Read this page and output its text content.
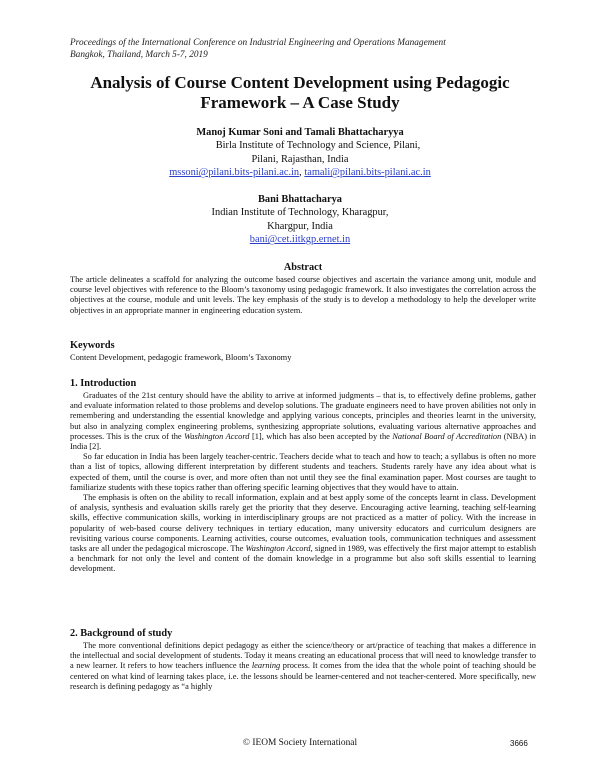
Proceedings of the International Conference on Industrial Engineering and Operations Management
Bangkok, Thailand, March 5-7, 2019
Analysis of Course Content Development using Pedagogic
Framework – A Case Study
Manoj Kumar Soni and Tamali Bhattacharyya
Birla Institute of Technology and Science, Pilani,
Pilani, Rajasthan, India
mssoni@pilani.bits-pilani.ac.in, tamali@pilani.bits-pilani.ac.in
Bani Bhattacharya
Indian Institute of Technology, Kharagpur,
Khargpur, India
bani@cet.iitkgp.ernet.in
Abstract

The article delineates a scaffold for analyzing the outcome based course objectives and ascertain the variance among unit, module and course level objectives with reference to the Bloom’s taxonomy using pedagogic framework. It also investigates the correlation across the objectives at the course, module and unit levels. The key emphasis of the study is to develop a methodology to help the developer write objectives in an appropriate manner in engineering education system.

Keywords

Content Development, pedagogic framework, Bloom’s Taxonomy

1. Introduction

Graduates of the 21st century should have the ability to arrive at informed judgments – that is, to effectively define problems, gather and evaluate information related to those problems and develop solutions. The graduate engineers need to have proven abilities not only in remembering and understanding the essential knowledge and applying various concepts, principles and theories learnt in the university, but also in analyzing complex engineering problems, synthesizing appropriate solutions, evaluating various alternative approaches and processes. This is the crux of the Washington Accord [1], which has also been accepted by the National Board of Accreditation (NBA) in India [2].

So far education in India has been largely teacher-centric. Teachers decide what to teach and how to teach; a syllabus is often no more than a list of topics, allowing different interpretation by different students and teachers. Students rarely have any idea about what is expected of them, until the course is over, and more often than not until they see the final examination paper. Most courses are taught to familiarize students with these topics rather than offering specific learning objectives that they would have to attain.

The emphasis is often on the ability to recall information, explain and at best apply some of the concepts learnt in class. Development of analysis, synthesis and evaluation skills rarely get the priority that they deserve. Encouraging active learning, teaching self-learning skills, effective communication skills, working in interdisciplinary groups are not practiced as a matter of policy. With the increase in popularity of web-based course delivery techniques in tertiary education, many university educators and curriculum designers are revisiting various course components. Learning activities, course outcomes, evaluation tools, communication techniques and assessment tasks are all under the pedagogical microscope. The Washington Accord, signed in 1989, was effectively the first major attempt to establish a benchmark for not only the level and content of the domain knowledge in a programme but also soft skills essential to learning development.

2. Background of study

The more conventional definitions depict pedagogy as either the science/theory or art/practice of teaching that makes a difference in the intellectual and social development of students. Today it means creating an educational process that will need to knowledge transfer to a new learner. It refers to how teachers influence the learning process. It comes from the idea that the whole point of teaching should be centered on what kind of learning takes place, i.e. the lessons should be learner-centered and not teacher-centered. More specifically, new research is defining pedagogy as “a highly

© IEOM Society International	3666
